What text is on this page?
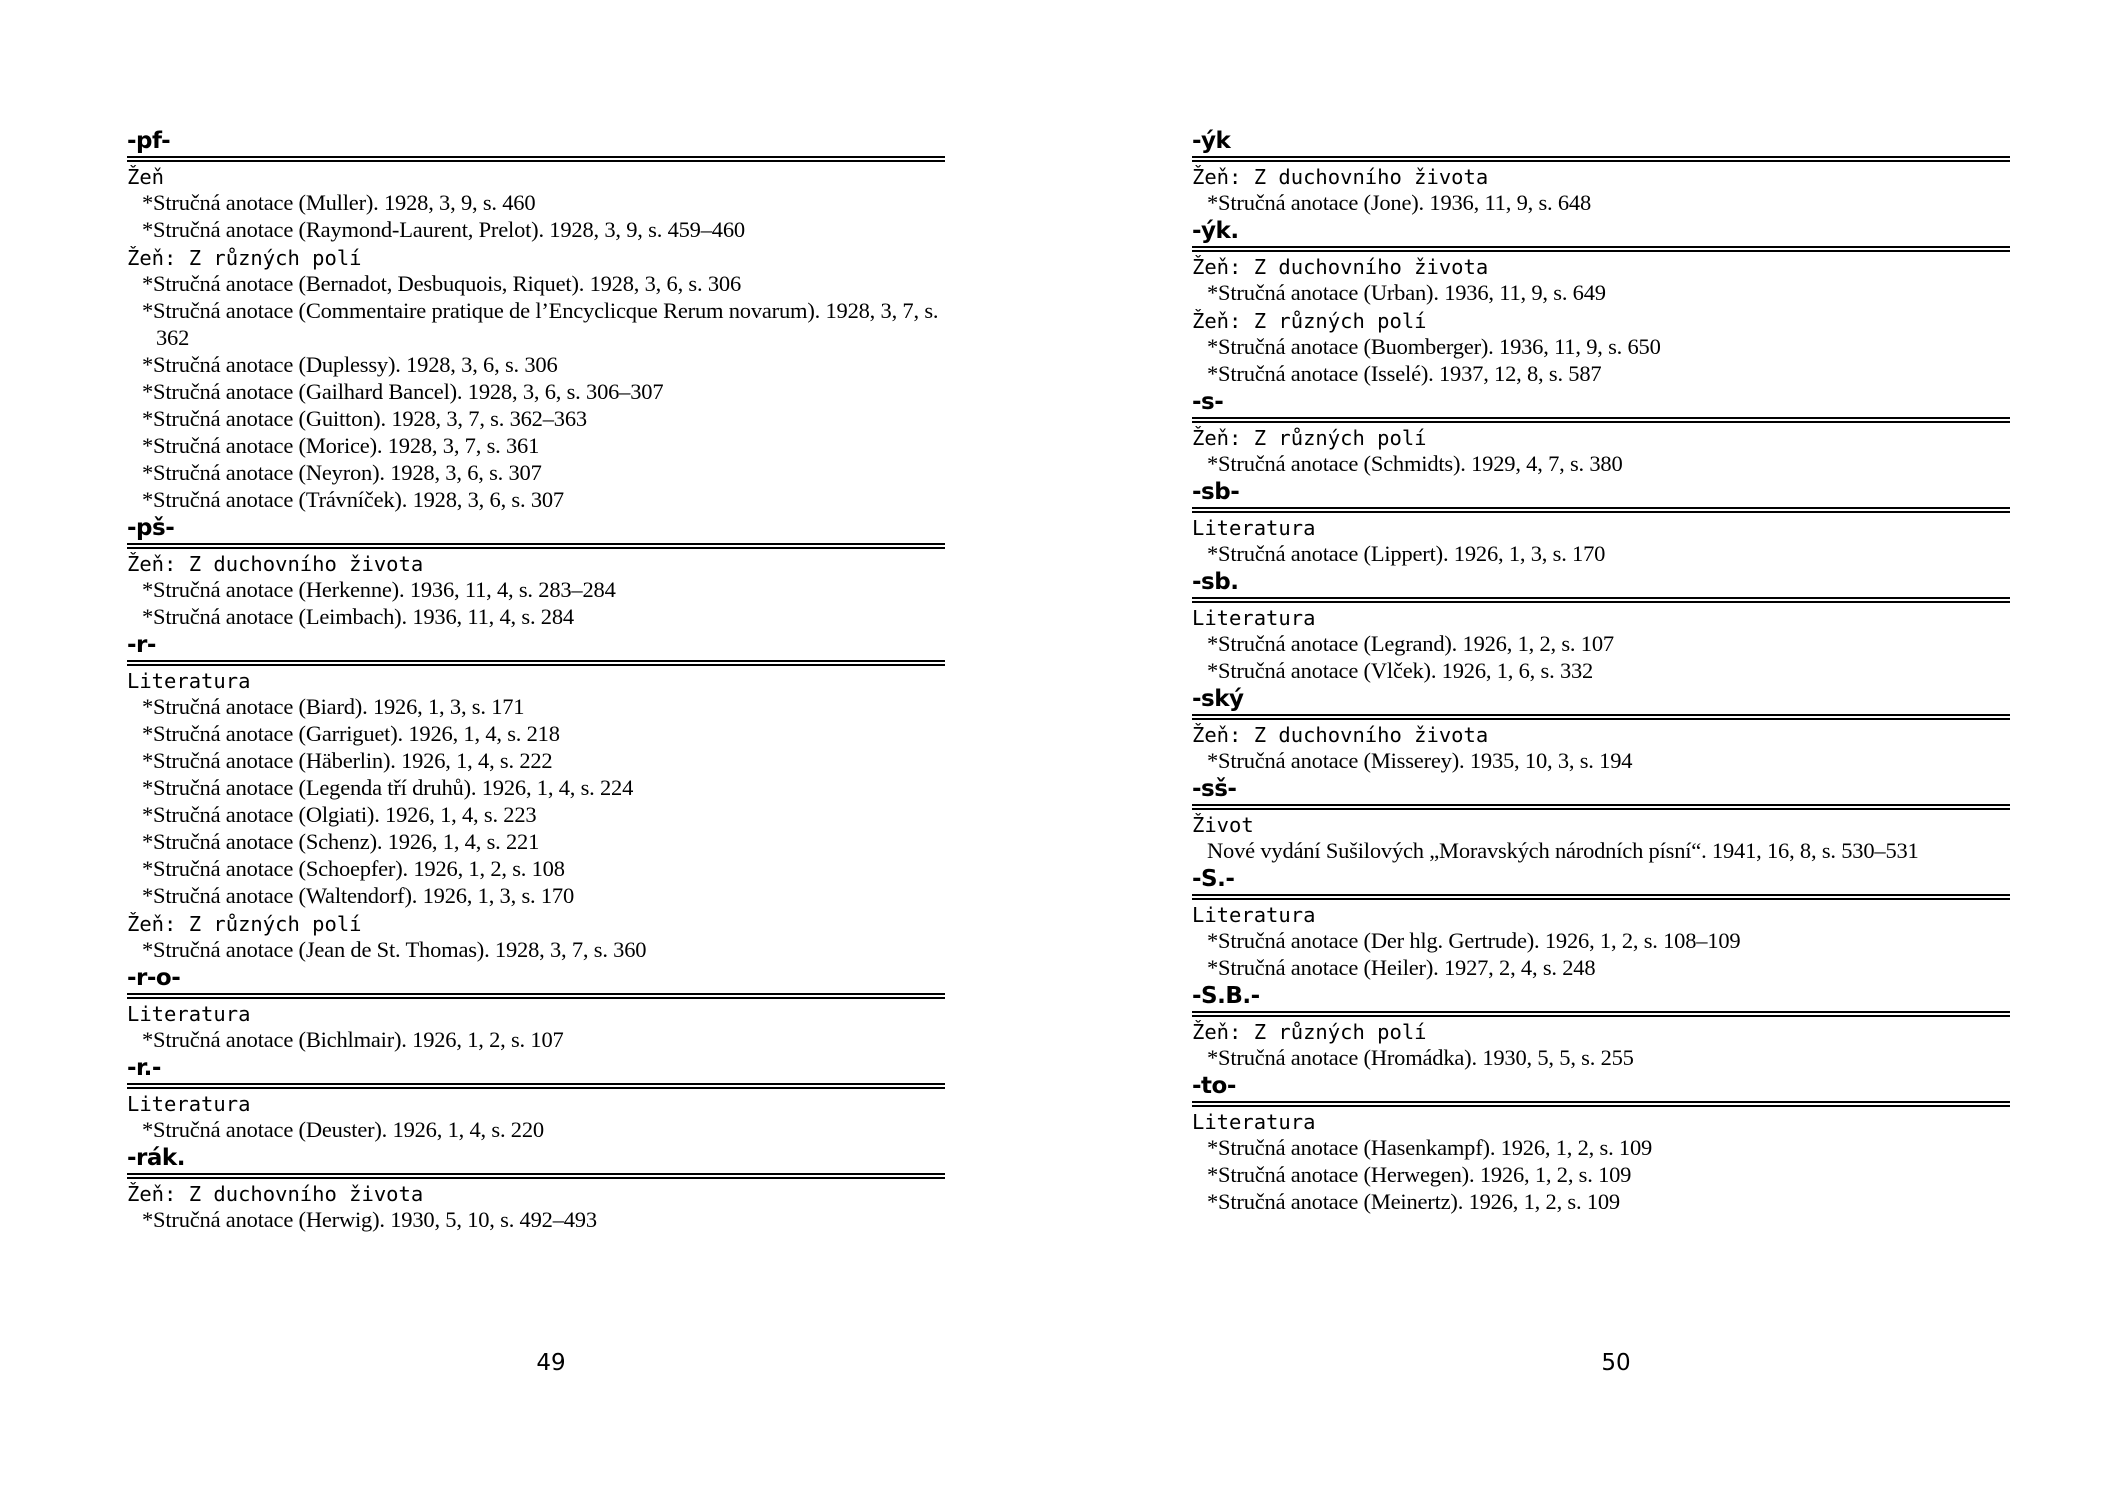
-pf-
Žeň
*Stručná anotace (Muller). 1928, 3, 9, s. 460
*Stručná anotace (Raymond-Laurent, Prelot). 1928, 3, 9, s. 459–460
Žeň: Z různých polí
*Stručná anotace (Bernadot, Desbuquois, Riquet). 1928, 3, 6, s. 306
*Stručná anotace (Commentaire pratique de l’Encyclicque Rerum novarum). 1928, 3, 7, s. 362
*Stručná anotace (Duplessy). 1928, 3, 6, s. 306
*Stručná anotace (Gailhard Bancel). 1928, 3, 6, s. 306–307
*Stručná anotace (Guitton). 1928, 3, 7, s. 362–363
*Stručná anotace (Morice). 1928, 3, 7, s. 361
*Stručná anotace (Neyron). 1928, 3, 6, s. 307
*Stručná anotace (Trávníček). 1928, 3, 6, s. 307
-pš-
Žeň: Z duchovního života
*Stručná anotace (Herkenne). 1936, 11, 4, s. 283–284
*Stručná anotace (Leimbach). 1936, 11, 4, s. 284
-r-
Literatura
*Stručná anotace (Biard). 1926, 1, 3, s. 171
*Stručná anotace (Garriguet). 1926, 1, 4, s. 218
*Stručná anotace (Häberlin). 1926, 1, 4, s. 222
*Stručná anotace (Legenda tří druhů). 1926, 1, 4, s. 224
*Stručná anotace (Olgiati). 1926, 1, 4, s. 223
*Stručná anotace (Schenz). 1926, 1, 4, s. 221
*Stručná anotace (Schoepfer). 1926, 1, 2, s. 108
*Stručná anotace (Waltendorf). 1926, 1, 3, s. 170
Žeň: Z různých polí
*Stručná anotace (Jean de St. Thomas). 1928, 3, 7, s. 360
-r-o-
Literatura
*Stručná anotace (Bichlmair). 1926, 1, 2, s. 107
-r.-
Literatura
*Stručná anotace (Deuster). 1926, 1, 4, s. 220
-rák.
Žeň: Z duchovního života
*Stručná anotace (Herwig). 1930, 5, 10, s. 492–493
-ýk
Žeň: Z duchovního života
*Stručná anotace (Jone). 1936, 11, 9, s. 648
-ýk.
Žeň: Z duchovního života
*Stručná anotace (Urban). 1936, 11, 9, s. 649
Žeň: Z různých polí
*Stručná anotace (Buomberger). 1936, 11, 9, s. 650
*Stručná anotace (Isselé). 1937, 12, 8, s. 587
-s-
Žeň: Z různých polí
*Stručná anotace (Schmidts). 1929, 4, 7, s. 380
-sb-
Literatura
*Stručná anotace (Lippert). 1926, 1, 3, s. 170
-sb.
Literatura
*Stručná anotace (Legrand). 1926, 1, 2, s. 107
*Stručná anotace (Vlček). 1926, 1, 6, s. 332
-ský
Žeň: Z duchovního života
*Stručná anotace (Misserey). 1935, 10, 3, s. 194
-sš-
Život
Nové vydání Sušilových „Moravských národních písní“. 1941, 16, 8, s. 530–531
-S.-
Literatura
*Stručná anotace (Der hlg. Gertrude). 1926, 1, 2, s. 108–109
*Stručná anotace (Heiler). 1927, 2, 4, s. 248
-S.B.-
Žeň: Z různých polí
*Stručná anotace (Hromádka). 1930, 5, 5, s. 255
-to-
Literatura
*Stručná anotace (Hasenkampf). 1926, 1, 2, s. 109
*Stručná anotace (Herwegen). 1926, 1, 2, s. 109
*Stručná anotace (Meinertz). 1926, 1, 2, s. 109
49	50
